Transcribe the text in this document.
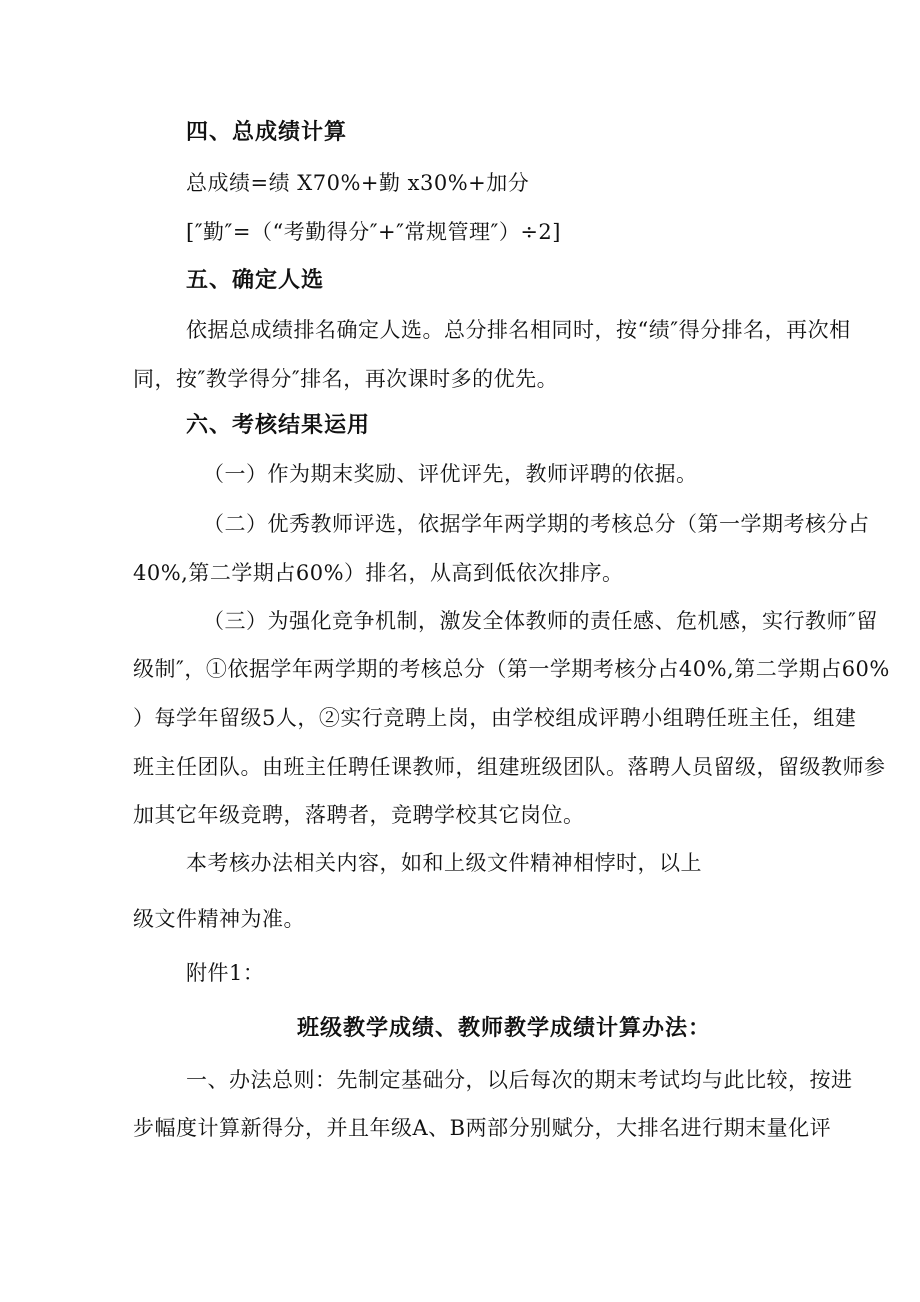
四、总成绩计算

总成绩=绩 X70%+勤 x30%+加分

[″勤″=（“考勤得分″+″常规管理″）÷2]

五、确定人选

依据总成绩排名确定人选。总分排名相同时，按“绩″得分排名，再次相

同，按″教学得分″排名，再次课时多的优先。

六、考核结果运用

（一）作为期末奖励、评优评先，教师评聘的依据。

（二）优秀教师评选，依据学年两学期的考核总分（第一学期考核分占

40%,第二学期占60%）排名，从高到低依次排序。

（三）为强化竞争机制，激发全体教师的责任感、危机感，实行教师″留

级制″，①依据学年两学期的考核总分（第一学期考核分占40%,第二学期占60%

）每学年留级5人，②实行竞聘上岗，由学校组成评聘小组聘任班主任，组建

班主任团队。由班主任聘任课教师，组建班级团队。落聘人员留级，留级教师参

加其它年级竞聘，落聘者，竞聘学校其它岗位。

本考核办法相关内容，如和上级文件精神相悖时，以上

级文件精神为准。

附件1：

班级教学成绩、教师教学成绩计算办法：

一、办法总则：先制定基础分，以后每次的期末考试均与此比较，按进

步幅度计算新得分，并且年级A、B两部分别赋分，大排名进行期末量化评
